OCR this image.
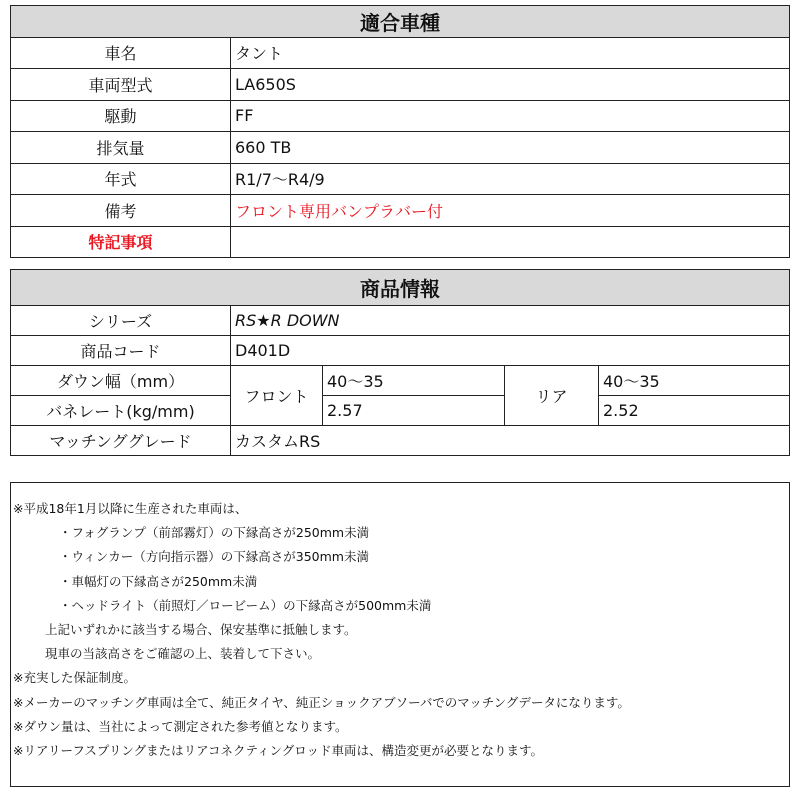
適合車種	
車名	タント
車両型式	LA650S
駆動	FF
排気量	660 TB
年式	R1/7〜R4/9
備考	フロント専用バンプラバー付
特記事項	
商品情報				
シリーズ	RS★R DOWN			
商品コード	D401D			
ダウン幅（mm）	フロント	40〜35	リア	40〜35
バネレート(kg/mm)		2.57		2.52
マッチンググレード	カスタムRS			
※平成18年1月以降に生産された車両は、
・フォグランプ（前部霧灯）の下縁高さが250mm未満
・ウィンカー（方向指示器）の下縁高さが350mm未満
・車幅灯の下縁高さが250mm未満
・ヘッドライト（前照灯／ロービーム）の下縁高さが500mm未満
上記いずれかに該当する場合、保安基準に抵触します。
現車の当該高さをご確認の上、装着して下さい。
※充実した保証制度。
※メーカーのマッチング車両は全て、純正タイヤ、純正ショックアブソーバでのマッチングデータになります。
※ダウン量は、当社によって測定された参考値となります。
※リアリーフスプリングまたはリアコネクティングロッド車両は、構造変更が必要となります。
